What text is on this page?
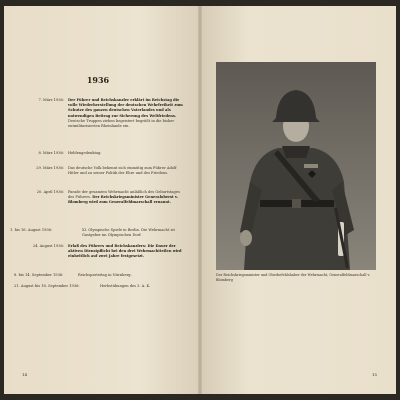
1936
7. März 1936: Der Führer und Reichskanzler erklärt im Reichstag die volle Wiederherstellung der deutschen Wehrfreiheit zum Schutze des ganzen deutschen Vaterlandes und als notwendigen Beitrag zur Sicherung des Weltfriedens. Deutsche Truppen ziehen begeistert begrüßt in die bisher entmilitarisierten Rheinlande ein.
8. März 1936: Heldengedenktag.
29. März 1936: Das deutsche Volk bekennt sich einmütig zum Führer Adolf Hitler und zu seiner Politik der Ehre und des Friedens.
20. April 1936: Parade der gesamten Wehrmacht anläßlich des Geburtstages des Führers. Der Reichskriegsminister Generaloberst v. Blomberg wird zum Generalfeldmarschall ernannt.
1. bis 16. August 1936:	XI. Olympische Spiele in Berlin. Die Wehrmacht ist Gastgeber im Olympischen Dorf.
24. August 1936: Erlaß des Führers und Reichskanzlers: Die Dauer der aktiven Dienstpflicht bei den drei Wehrmachtteilen wird einheitlich auf zwei Jahre festgesetzt.
8. bis 14. September 1936:	Reichsparteitag in Nürnberg.
21. August bis 18. September 1936:	Herbstübungen des 3. A. K.
14
Der Reichskriegsminister und Oberbefehlshaber der Wehrmacht, Generalfeldmarschall v. Blomberg
15
